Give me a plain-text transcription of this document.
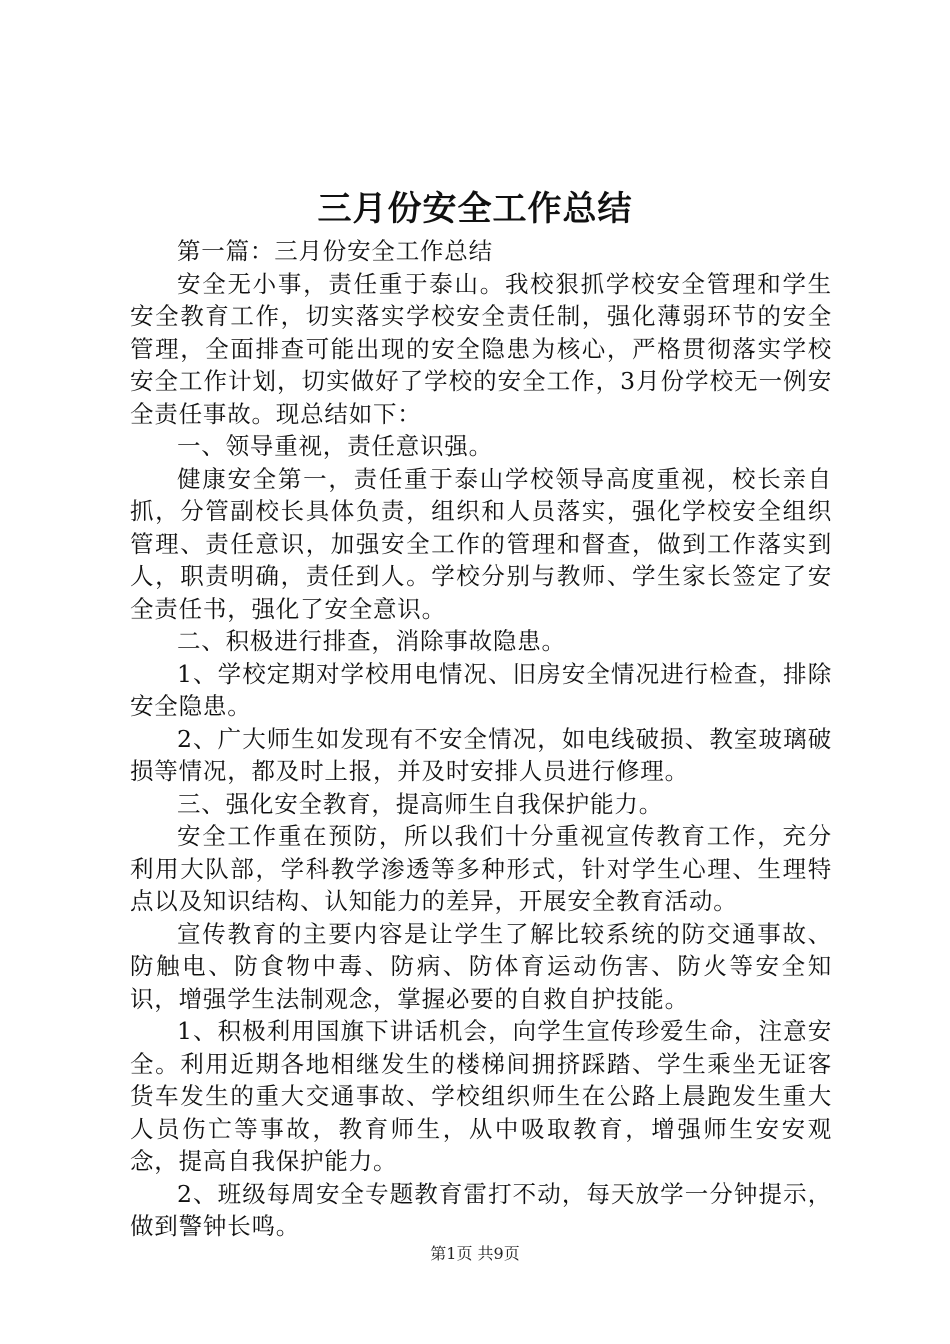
三月份安全工作总结

第一篇：三月份安全工作总结

安全无小事，责任重于泰山。我校狠抓学校安全管理和学生安全教育工作，切实落实学校安全责任制，强化薄弱环节的安全管理，全面排查可能出现的安全隐患为核心，严格贯彻落实学校安全工作计划，切实做好了学校的安全工作，3月份学校无一例安全责任事故。现总结如下：

一、领导重视，责任意识强。

健康安全第一，责任重于泰山学校领导高度重视，校长亲自抓，分管副校长具体负责，组织和人员落实，强化学校安全组织管理、责任意识，加强安全工作的管理和督查，做到工作落实到人，职责明确，责任到人。学校分别与教师、学生家长签定了安全责任书，强化了安全意识。

二、积极进行排查，消除事故隐患。

1、学校定期对学校用电情况、旧房安全情况进行检查，排除安全隐患。

2、广大师生如发现有不安全情况，如电线破损、教室玻璃破损等情况，都及时上报，并及时安排人员进行修理。

三、强化安全教育，提高师生自我保护能力。

安全工作重在预防，所以我们十分重视宣传教育工作，充分利用大队部，学科教学渗透等多种形式，针对学生心理、生理特点以及知识结构、认知能力的差异，开展安全教育活动。

宣传教育的主要内容是让学生了解比较系统的防交通事故、防触电、防食物中毒、防病、防体育运动伤害、防火等安全知识，增强学生法制观念，掌握必要的自救自护技能。

1、积极利用国旗下讲话机会，向学生宣传珍爱生命，注意安全。利用近期各地相继发生的楼梯间拥挤踩踏、学生乘坐无证客货车发生的重大交通事故、学校组织师生在公路上晨跑发生重大人员伤亡等事故，教育师生，从中吸取教育，增强师生安安观念，提高自我保护能力。

2、班级每周安全专题教育雷打不动，每天放学一分钟提示，做到警钟长鸣。

第1页 共9页
